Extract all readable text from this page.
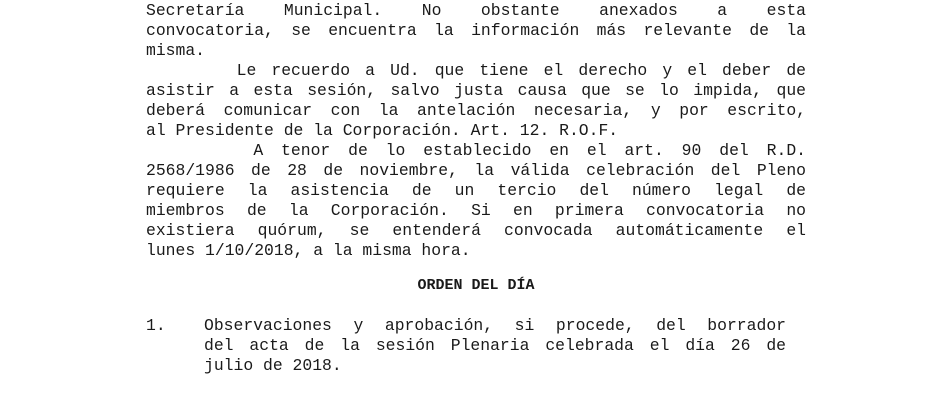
Secretaría Municipal. No obstante anexados a esta
convocatoria, se encuentra la información más relevante de la
misma.
Le recuerdo a Ud. que tiene el derecho y el deber de
asistir a esta sesión, salvo justa causa que se lo impida, que
deberá comunicar con la antelación necesaria, y por escrito,
al Presidente de la Corporación. Art. 12. R.O.F.
A tenor de lo establecido en el art. 90 del R.D.
2568/1986 de 28 de noviembre, la válida celebración del Pleno
requiere la asistencia de un tercio del número legal de
miembros de la Corporación. Si en primera convocatoria no
existiera quórum, se entenderá convocada automáticamente el
lunes 1/10/2018, a la misma hora.
ORDEN DEL DÍA
1. Observaciones y aprobación, si procede, del borrador
del acta de la sesión Plenaria celebrada el día 26 de
julio de 2018.
